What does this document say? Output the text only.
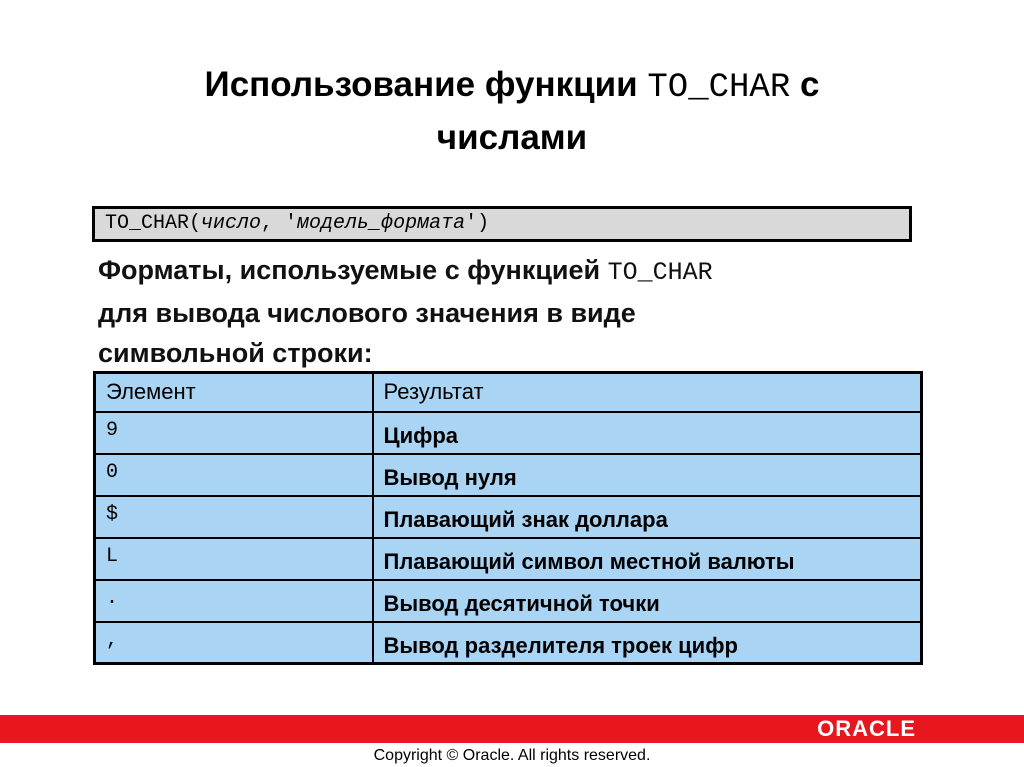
Использование функции TO_CHAR с
числами
TO_CHAR(число, 'модель_формата')
Форматы, используемые с функцией TO_CHAR
для вывода числового значения в виде
символьной строки:
Элемент	Результат
9	Цифра
0	Вывод нуля
$	Плавающий знак доллара
L	Плавающий символ местной валюты
.	Вывод десятичной точки
,	Вывод разделителя троек цифр
ORACLE
Copyright © Oracle. All rights reserved.
